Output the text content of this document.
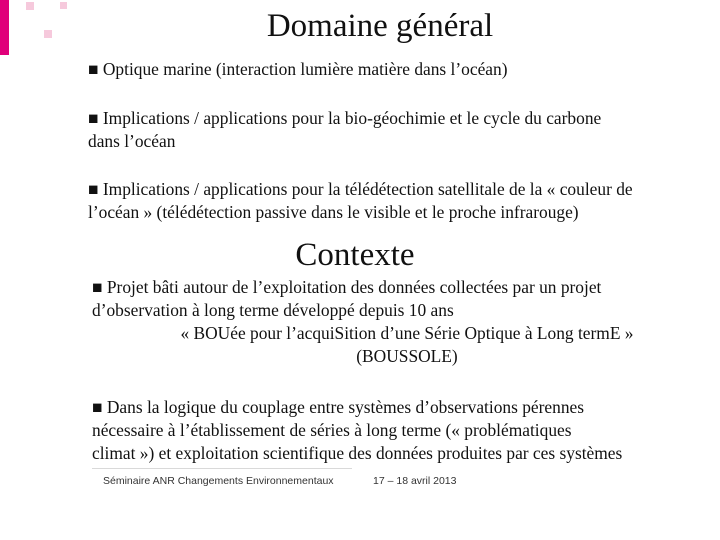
Domaine général
■ Optique marine (interaction lumière matière dans l’océan)
■ Implications / applications pour la bio-géochimie et le cycle du carbone
dans l’océan
■ Implications / applications pour la télédétection satellitale de la « couleur de
l’océan » (télédétection passive dans le visible et le proche infrarouge)
Contexte
■ Projet bâti autour de l’exploitation des données collectées par un projet
d’observation à long terme développé depuis 10 ans
« BOUée pour l’acquiSition d’une Série Optique à Long termE »
(BOUSSOLE)
■ Dans la logique du couplage entre systèmes d’observations pérennes
nécessaire à l’établissement de séries à long terme (« problématiques
climat ») et exploitation scientifique des données produites par ces systèmes
Séminaire ANR Changements Environnementaux	17 – 18 avril 2013
